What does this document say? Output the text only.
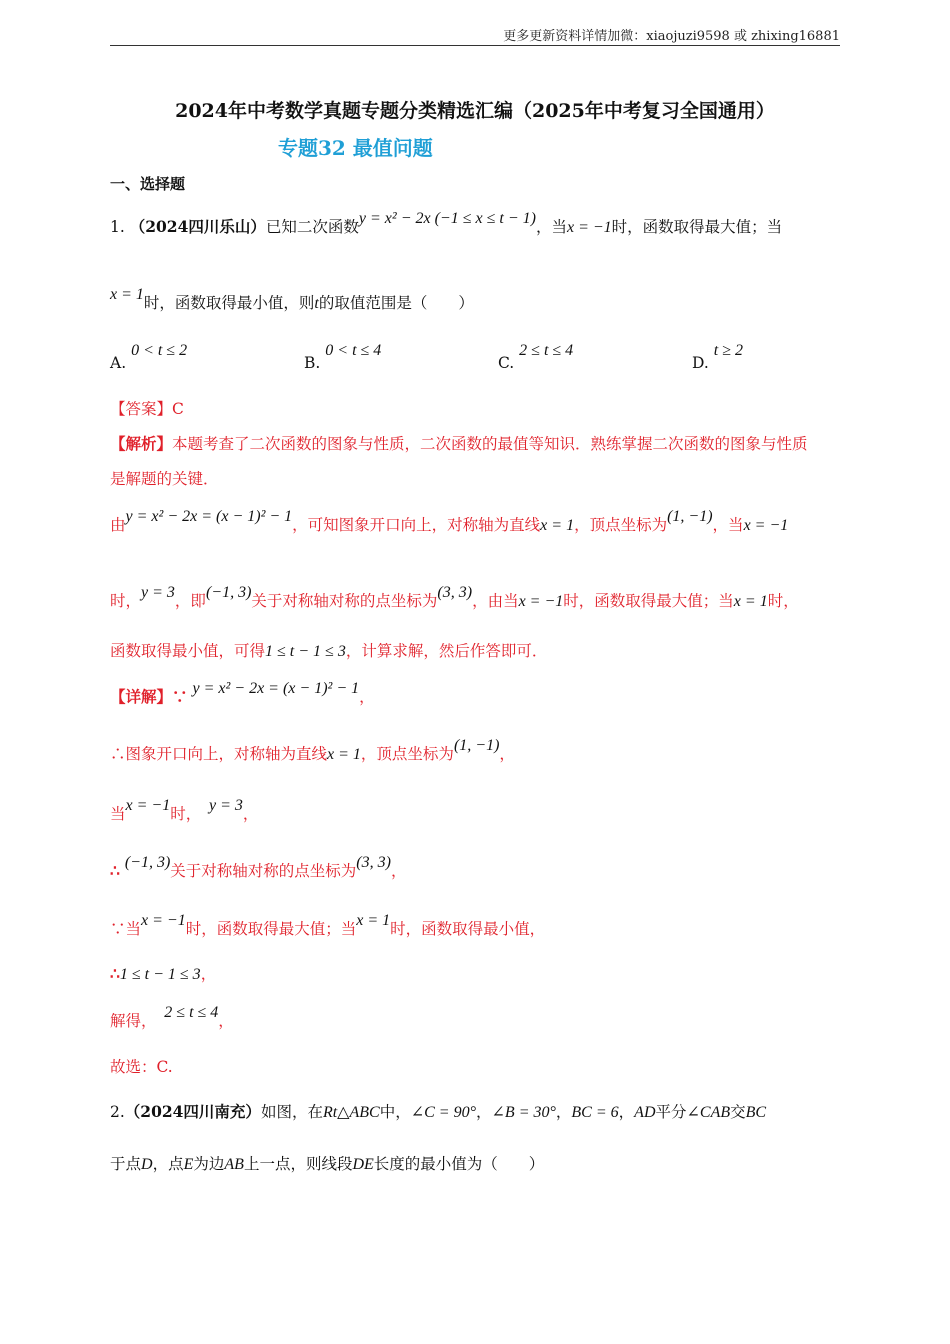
更多更新资料详情加微：xiaojuzi9598 或 zhixing16881
2024年中考数学真题专题分类精选汇编（2025年中考复习全国通用）
专题32 最值问题
一、选择题
1. （2024四川乐山）已知二次函数y = x² − 2x (−1 ≤ x ≤ t − 1)，当x = −1时，函数取得最大值；当
x = 1时，函数取得最小值，则t的取值范围是（　　）
A. 0 < t ≤ 2
B. 0 < t ≤ 4
C. 2 ≤ t ≤ 4
D. t ≥ 2
【答案】C
【解析】本题考查了二次函数的图象与性质，二次函数的最值等知识．熟练掌握二次函数的图象与性质
是解题的关键．
由y = x² − 2x = (x − 1)² − 1，可知图象开口向上，对称轴为直线x = 1，顶点坐标为(1, −1)，当x = −1
时，y = 3，即(−1, 3)关于对称轴对称的点坐标为(3, 3)，由当x = −1时，函数取得最大值；当x = 1时，
函数取得最小值，可得1 ≤ t − 1 ≤ 3，计算求解，然后作答即可．
【详解】∵ y = x² − 2x = (x − 1)² − 1，
∴图象开口向上，对称轴为直线x = 1，顶点坐标为(1, −1)，
当x = −1时，　 y = 3，
∴ (−1, 3)关于对称轴对称的点坐标为(3, 3)，
∵当x = −1时，函数取得最大值；当x = 1时，函数取得最小值，
∴1 ≤ t − 1 ≤ 3，
解得，　 2 ≤ t ≤ 4，
故选：C.
2.（2024四川南充）如图，在Rt△ABC中，∠C = 90°，∠B = 30°，BC = 6，AD平分∠CAB交BC
于点D，点E为边AB上一点，则线段DE长度的最小值为（　　）
